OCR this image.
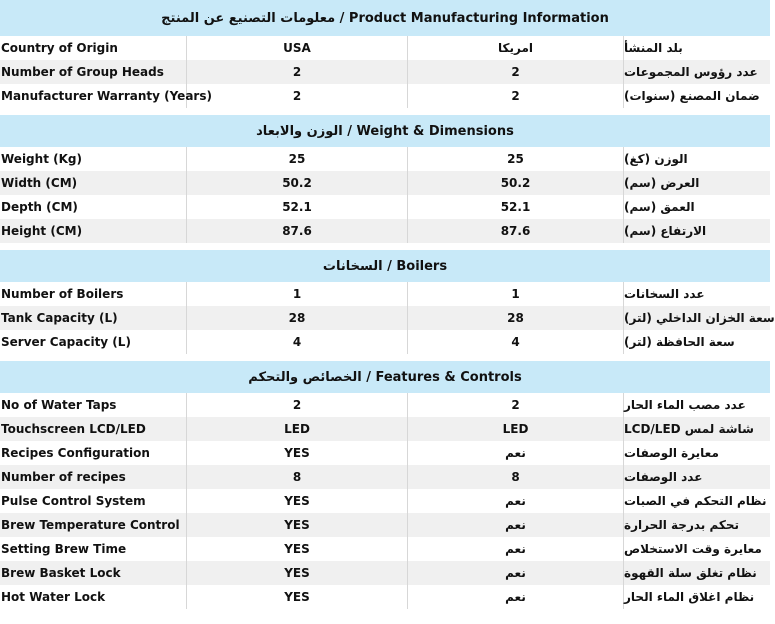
معلومات التصنيع عن المنتج / Product Manufacturing Information
Country of Origin	USA	امريكا	بلد المنشأ
Number of Group Heads	2	2	عدد رؤوس المجموعات
Manufacturer Warranty (Years)	2	2	ضمان المصنع (سنوات)
الوزن والابعاد / Weight & Dimensions
Weight (Kg)	25	25	الوزن (كغ)
Width (CM)	50.2	50.2	العرض (سم)
Depth (CM)	52.1	52.1	العمق (سم)
Height (CM)	87.6	87.6	الارتفاع (سم)
السخانات / Boilers
Number of Boilers	1	1	عدد السخانات
Tank Capacity (L)	28	28	سعة الخزان الداخلي (لتر)
Server Capacity (L)	4	4	سعة الحافظة (لتر)
الخصائص والتحكم / Features & Controls
No of Water Taps	2	2	عدد مصب الماء الحار
Touchscreen LCD/LED	LED	LED	شاشة لمس LCD/LED
Recipes Configuration	YES	نعم	معايرة الوصفات
Number of recipes	8	8	عدد الوصفات
Pulse Control System	YES	نعم	نظام التحكم في الصبات
Brew Temperature Control	YES	نعم	تحكم بدرجة الحرارة
Setting Brew Time	YES	نعم	معايرة وقت الاستخلاص
Brew Basket Lock	YES	نعم	نظام تغلق سلة القهوة
Hot Water Lock	YES	نعم	نظام اغلاق الماء الحار
